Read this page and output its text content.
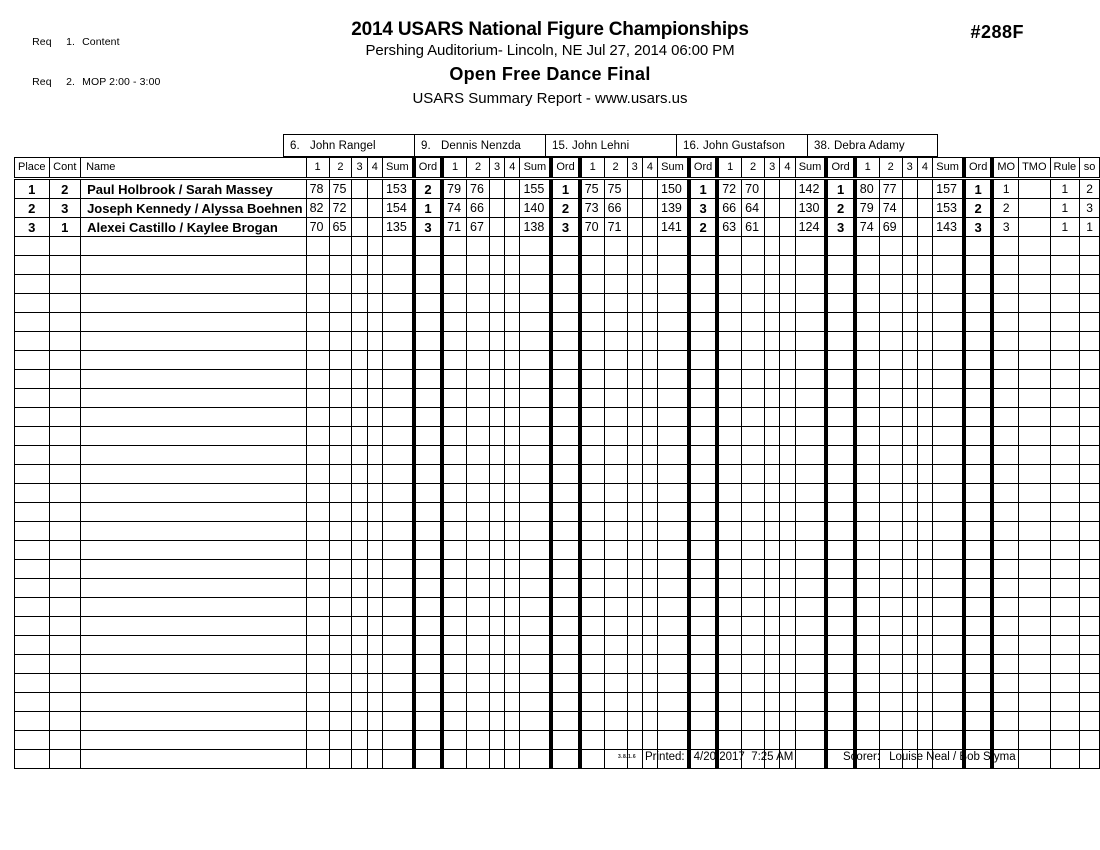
Req 1. Content

Req 2. MOP 2:00 - 3:00

2014 USARS National Figure Championships
Pershing Auditorium- Lincoln, NE Jul 27, 2014 06:00 PM
Open Free Dance Final
USARS Summary Report - www.usars.us
#288F
6. John Rangel	9. Dennis Nenzda	15. John Lehni	16. John Gustafson	38. Debra Adamy
Place	Cont	Name	1	2	3	4	Sum	Ord	1	2	3	4	Sum	Ord	1	2	3	4	Sum	Ord	1	2	3	4	Sum	Ord	1	2	3	4	Sum	Ord	MO	TMO	Rule	so

1	2	Paul Holbrook / Sarah Massey	78	75			153	2	79	76			155	1	75	75			150	1	72	70			142	1	80	77			157	1	1		1	2
2	3	Joseph Kennedy / Alyssa Boehnen	82	72			154	1	74	66			140	2	73	66			139	3	66	64			130	2	79	74			153	2	2		1	3
3	1	Alexei Castillo / Kaylee Brogan	70	65			135	3	71	67			138	3	70	71			141	2	63	61			124	3	74	69			143	3	3		1	1

3.8.1.6 Printed: 4/20/2017  7:25 AM	Scorer: Louise Neal / Bob Styma
